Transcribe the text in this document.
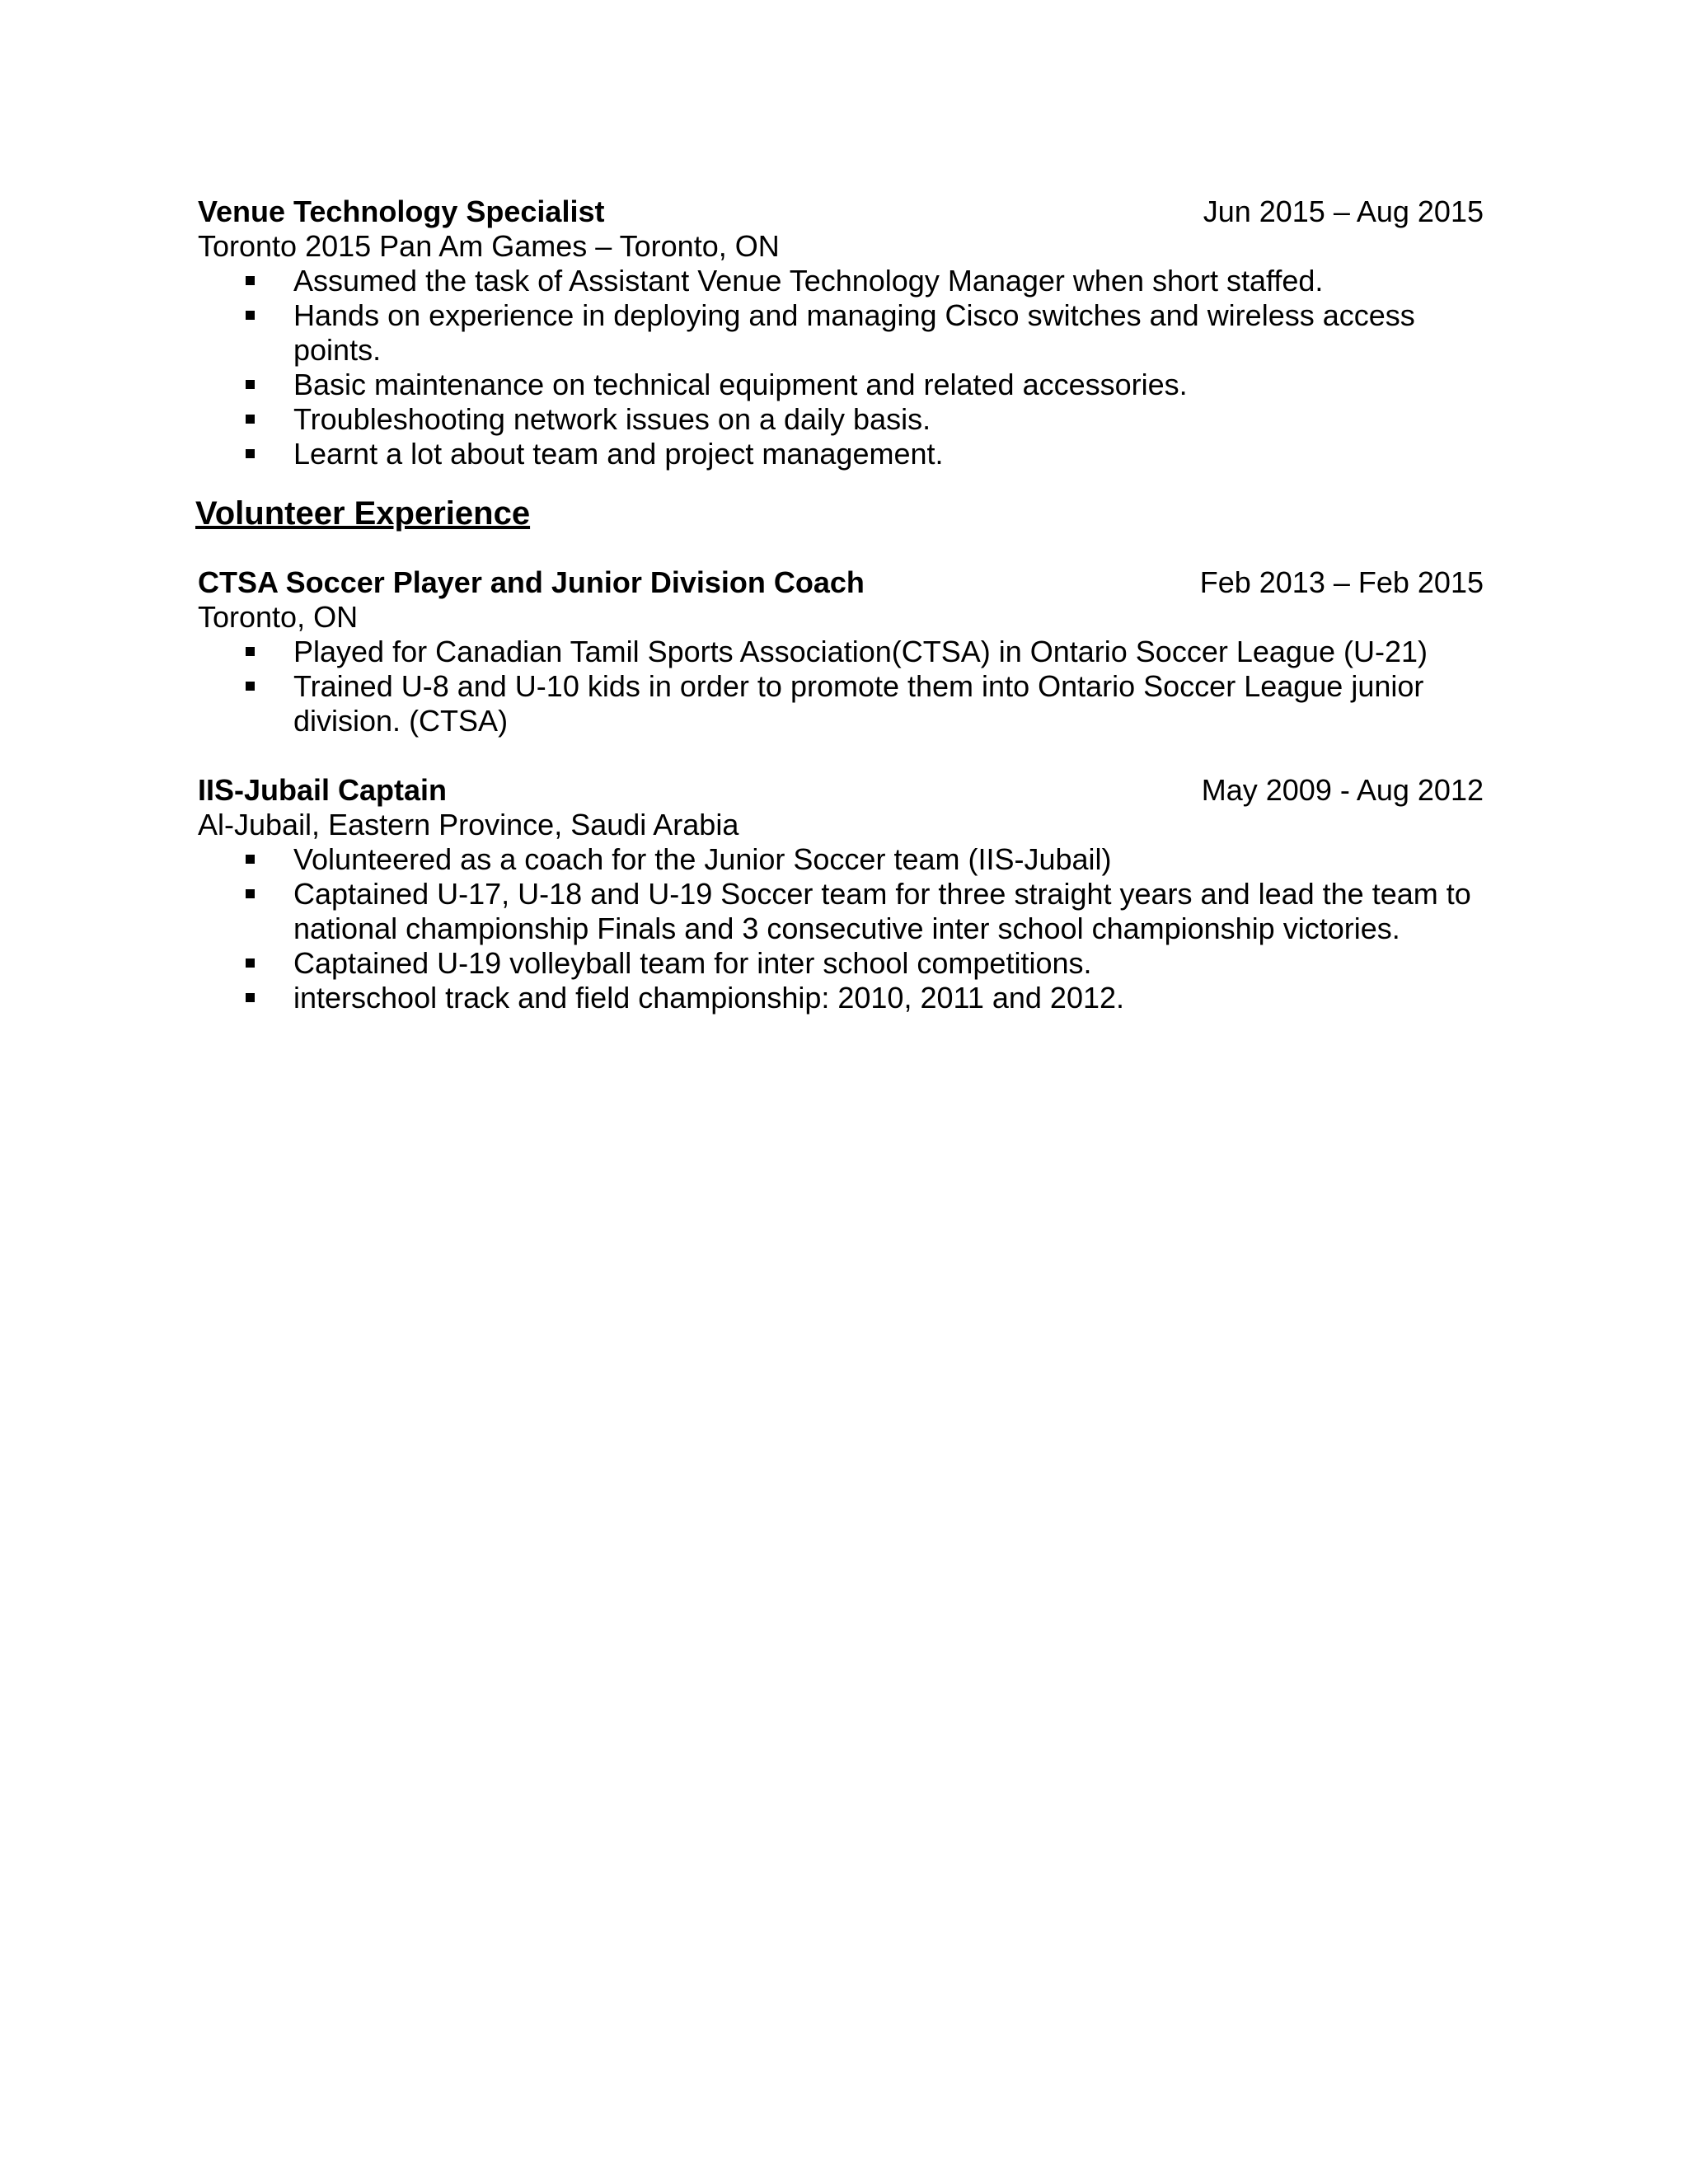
Venue Technology Specialist	Jun 2015 – Aug 2015
Toronto 2015 Pan Am Games – Toronto, ON
Assumed the task of Assistant Venue Technology Manager when short staffed.
Hands on experience in deploying and managing Cisco switches and wireless access points.
Basic maintenance on technical equipment and related accessories.
Troubleshooting network issues on a daily basis.
Learnt a lot about team and project management.
Volunteer Experience
CTSA Soccer Player and Junior Division Coach	Feb 2013 – Feb 2015
Toronto, ON
Played for Canadian Tamil Sports Association(CTSA) in Ontario Soccer League (U-21)
Trained U-8 and U-10 kids in order to promote them into Ontario Soccer League junior division. (CTSA)
IIS-Jubail Captain	May 2009 - Aug 2012
Al-Jubail, Eastern Province, Saudi Arabia
Volunteered as a coach for the Junior Soccer team (IIS-Jubail)
Captained U-17, U-18 and U-19 Soccer team for three straight years and lead the team to national championship Finals and 3 consecutive inter school championship victories.
Captained U-19 volleyball team for inter school competitions.
interschool track and field championship: 2010, 2011 and 2012.
